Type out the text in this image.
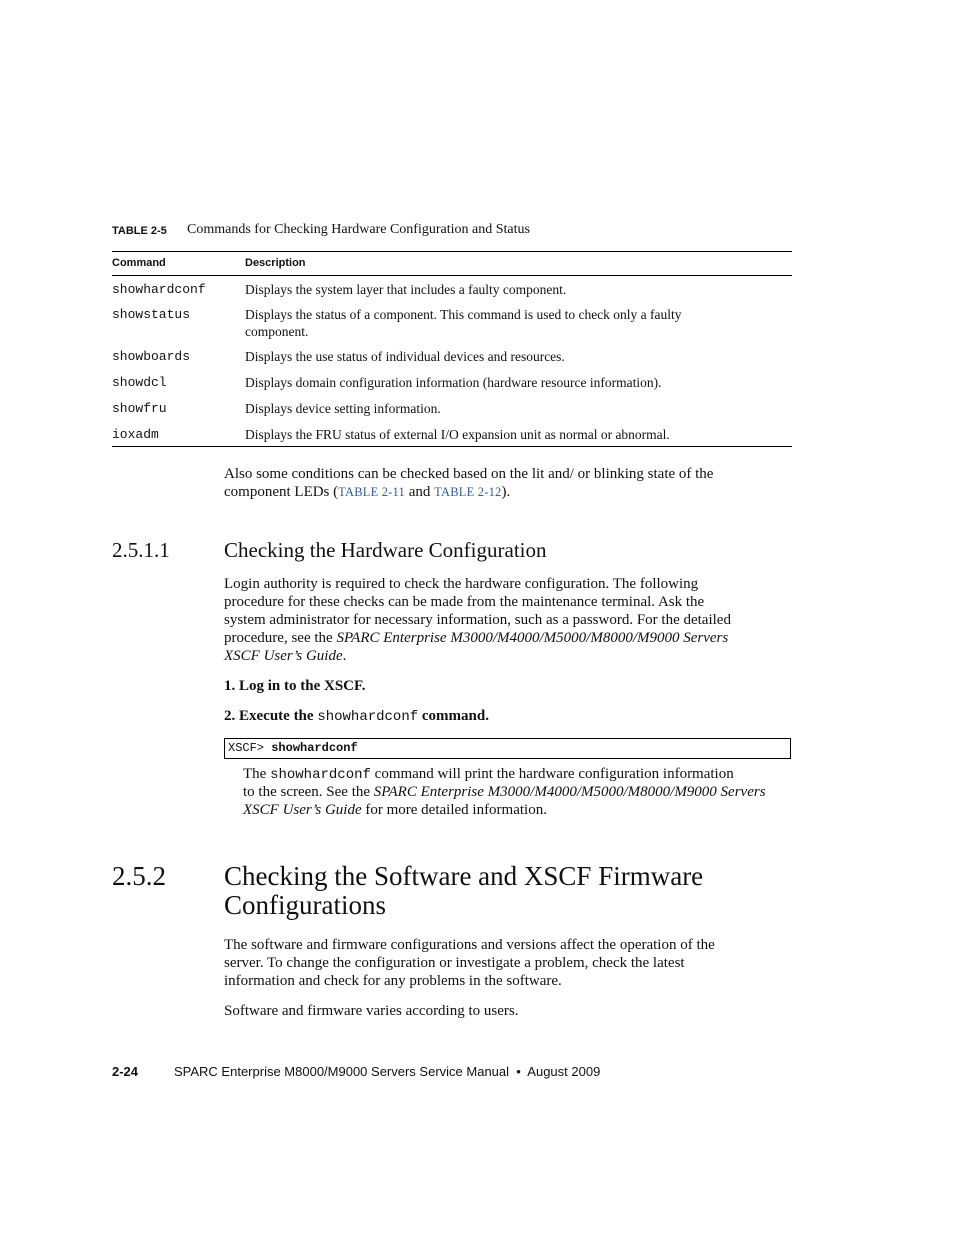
TABLE 2-5 Commands for Checking Hardware Configuration and Status
Command	Description
showhardconf	Displays the system layer that includes a faulty component.
showstatus	Displays the status of a component. This command is used to check only a faulty
component.
showboards	Displays the use status of individual devices and resources.
showdcl	Displays domain configuration information (hardware resource information).
showfru	Displays device setting information.
ioxadm	Displays the FRU status of external I/O expansion unit as normal or abnormal.
Also some conditions can be checked based on the lit and/ or blinking state of the
component LEDs (TABLE 2-11 and TABLE 2-12).
2.5.1.1	Checking the Hardware Configuration
Login authority is required to check the hardware configuration. The following
procedure for these checks can be made from the maintenance terminal. Ask the
system administrator for necessary information, such as a password. For the detailed
procedure, see the SPARC Enterprise M3000/M4000/M5000/M8000/M9000 Servers
XSCF User’s Guide.
1. Log in to the XSCF.
2. Execute the showhardconf command.
XSCF> showhardconf
The showhardconf command will print the hardware configuration information
to the screen. See the SPARC Enterprise M3000/M4000/M5000/M8000/M9000 Servers
XSCF User’s Guide for more detailed information.
2.5.2 Checking the Software and XSCF Firmware
Configurations
The software and firmware configurations and versions affect the operation of the
server. To change the configuration or investigate a problem, check the latest
information and check for any problems in the software.
Software and firmware varies according to users.
2-24	SPARC Enterprise M8000/M9000 Servers Service Manual  •  August 2009
